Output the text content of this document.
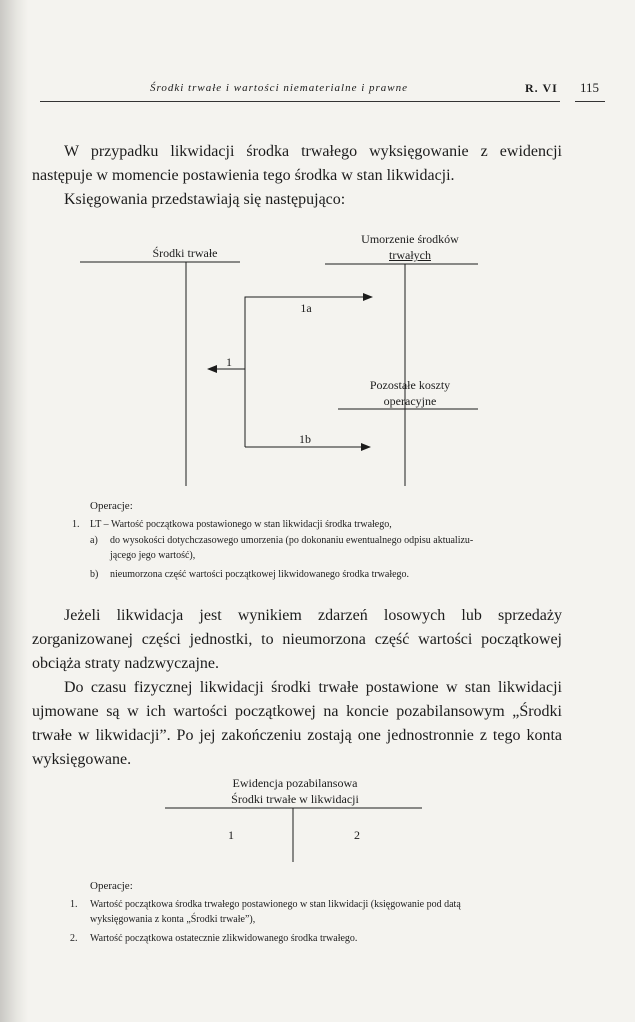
Środki trwałe i wartości niematerialne i prawne	R. VI 115

W przypadku likwidacji środka trwałego wyksięgowanie z ewidencji następuje w momencie postawienia tego środka w stan likwidacji.

Księgowania przedstawiają się następująco:

Środki trwałe
Umorzenie środków
trwałych
1a
1
Pozostałe koszty
operacyjne
1b
Operacje:
1. LT – Wartość początkowa postawionego w stan likwidacji środka trwałego,
a) do wysokości dotychczasowego umorzenia (po dokonaniu ewentualnego odpisu aktualizu-
jącego jego wartość),
b) nieumorzona część wartości początkowej likwidowanego środka trwałego.

Jeżeli likwidacja jest wynikiem zdarzeń losowych lub sprzedaży zorganizowanej części jednostki, to nieumorzona część wartości początkowej obciąża straty nadzwyczajne.

Do czasu fizycznej likwidacji środki trwałe postawione w stan likwidacji ujmowane są w ich wartości początkowej na koncie pozabilansowym „Środki trwałe w likwidacji”. Po jej zakończeniu zostają one jednostronnie z tego konta wyksięgowane.

Ewidencja pozabilansowa
Środki trwałe w likwidacji
1	2
Operacje:
1. Wartość początkowa środka trwałego postawionego w stan likwidacji (księgowanie pod datą
wyksięgowania z konta „Środki trwałe”),
2. Wartość początkowa ostatecznie zlikwidowanego środka trwałego.
